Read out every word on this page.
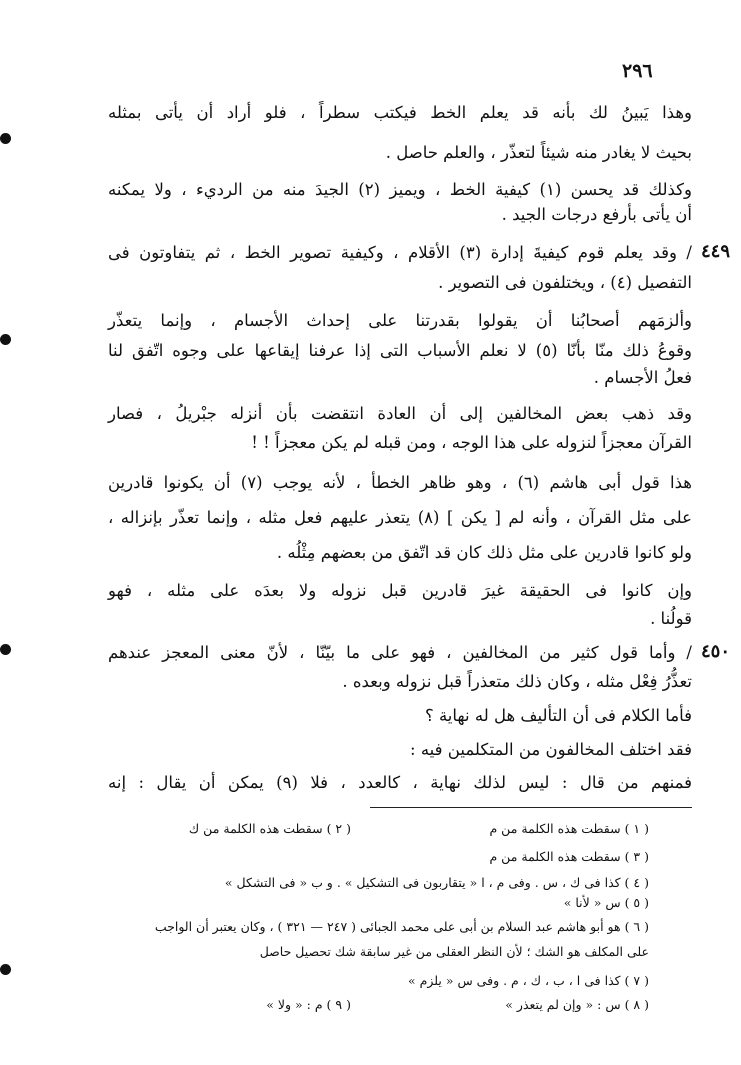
٢٩٦
وهذا يَبينُ لك بأنه قد يعلم الخط فيكتب سطراً ، فلو أراد أن يأتى بمثله
بحيث لا يغادر منه شيئاً لتعذّر ، والعلم حاصل .
وكذلك قد يحسن (١) كيفية الخط ، ويميز (٢) الجيدَ منه من الرديء ، ولا يمكنه
أن يأتى بأرفع درجات الجيد .
٤٤٩
/ وقد يعلم قوم كيفيةَ إدارة (٣) الأقلام ، وكيفية تصوير الخط ، ثم يتفاوتون فى
التفصيل (٤) ، ويختلفون فى التصوير .
وألزمَهم أصحابُنا أن يقولوا بقدرتنا على إحداث الأجسام ، وإنما يتعذّر
وقوعُ ذلك منّا بأنّا (٥) لا نعلم الأسباب التى إذا عرفنا إيقاعها على وجوه اتّفق لنا
فعلُ الأجسام .
وقد ذهب بعض المخالفين إلى أن العادة انتقضت بأن أنزله جبْريلُ ، فصار
القرآن معجزاً لنزوله على هذا الوجه ، ومن قبله لم يكن معجزاً ! !
هذا قول أبى هاشم (٦) ، وهو ظاهر الخطأ ، لأنه يوجب (٧) أن يكونوا قادرين
على مثل القرآن ، وأنه لم [ يكن ] (٨) يتعذر عليهم فعل مثله ، وإنما تعذّر بإنزاله ،
ولو كانوا قادرين على مثل ذلك كان قد اتّفق من بعضهم مِثْلُه .
وإن كانوا فى الحقيقة غيرَ قادرين قبل نزوله ولا بعدَه على مثله ، فهو
قولُنا .
٤٥٠
/ وأما قول كثير من المخالفين ، فهو على ما بيّنّا ، لأنّ معنى المعجز عندهم
تعذُّرُ فِعْل مثله ، وكان ذلك متعذراً قبل نزوله وبعده .
فأما الكلام فى أن التأليف هل له نهاية ؟
فقد اختلف المخالفون من المتكلمين فيه :
فمنهم من قال : ليس لذلك نهاية ، كالعدد ، فلا (٩) يمكن أن يقال : إنه
( ١ ) سقطت هذه الكلمة من م
( ٢ ) سقطت هذه الكلمة من ك
( ٣ ) سقطت هذه الكلمة من م
( ٤ ) كذا فى ك ، س . وفى م ، ا « يتقاربون فى التشكيل » . و ب « فى التشكل »
( ٥ ) س « لأنا »
( ٦ ) هو أبو هاشم عبد السلام بن أبى على محمد الجبائى ( ٢٤٧ — ٣٢١ ) ، وكان يعتبر أن الواجب
على المكلف هو الشك ؛ لأن النظر العقلى من غير سابقة شك تحصيل حاصل
( ٧ ) كذا فى ا ، ب ، ك ، م . وفى س « يلزم »
( ٨ ) س : « وإن لم يتعذر »
( ٩ ) م : « ولا »
